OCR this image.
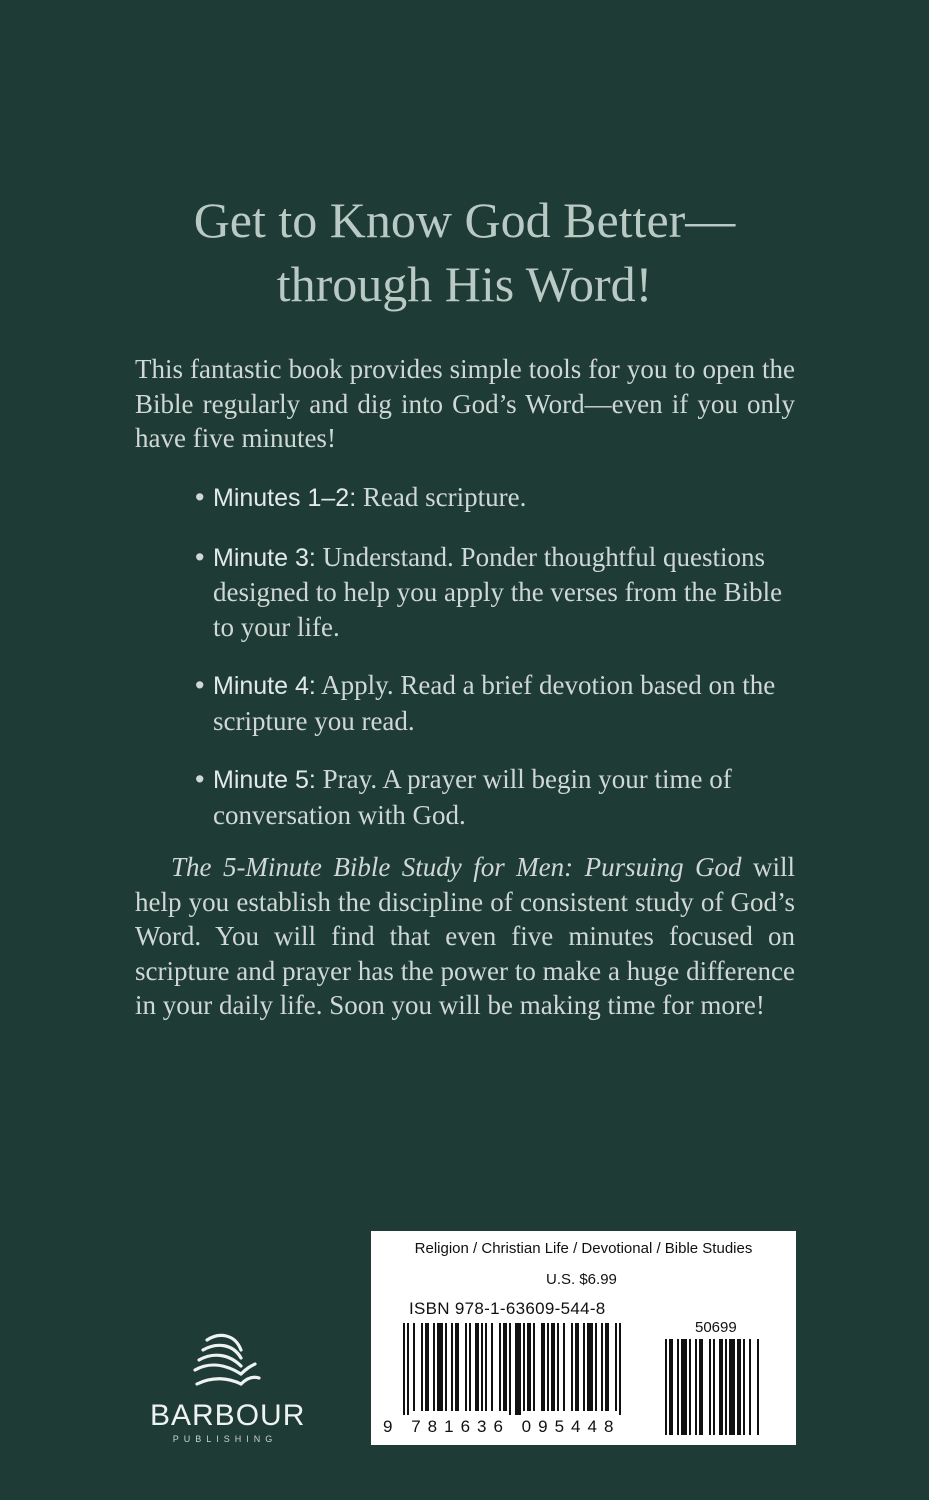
Get to Know God Better—
through His Word!
This fantastic book provides simple tools for you to open the Bible regularly and dig into God’s Word—even if you only have five minutes!
• Minutes 1–2: Read scripture.
• Minute 3: Understand. Ponder thoughtful questions designed to help you apply the verses from the Bible to your life.
• Minute 4: Apply. Read a brief devotion based on the scripture you read.
• Minute 5: Pray. A prayer will begin your time of conversation with God.
The 5-Minute Bible Study for Men: Pursuing God will help you establish the discipline of consistent study of God’s Word. You will find that even five minutes focused on scripture and prayer has the power to make a huge difference in your daily life. Soon you will be making time for more!
BARBOUR
PUBLISHING
Religion / Christian Life / Devotional / Bible Studies
U.S. $6.99
ISBN 978-1-63609-544-8
50699
9 781636 095448
